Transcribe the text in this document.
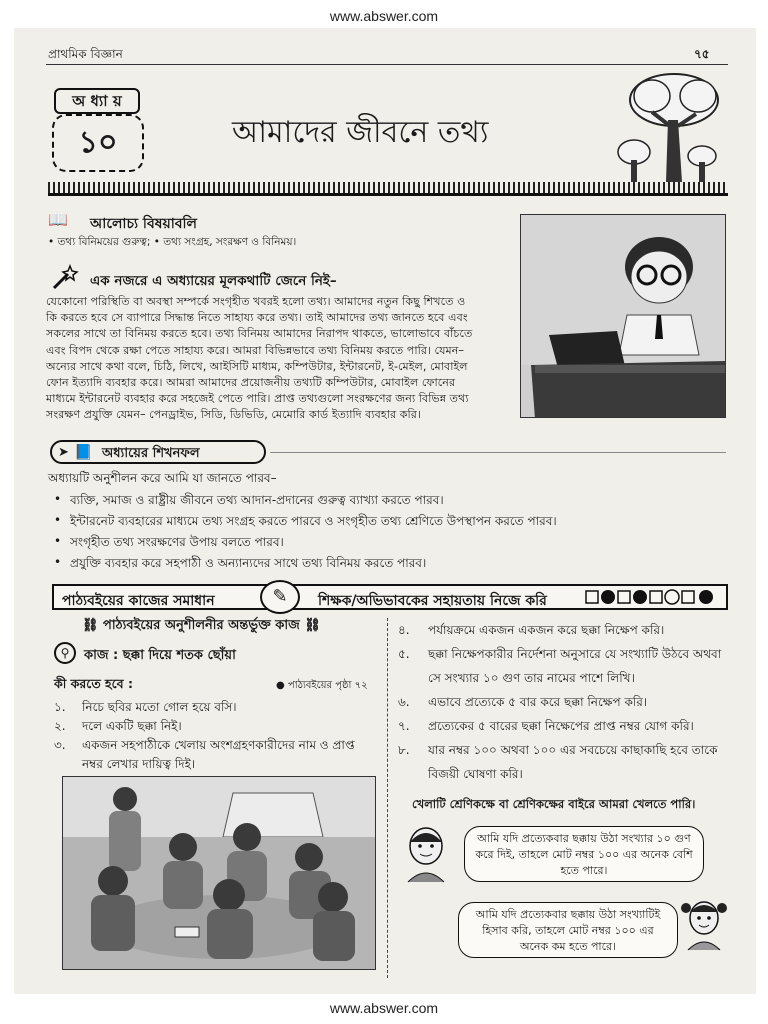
www.abswer.com
প্রাথমিক বিজ্ঞান	৭৫
অ ধ্যা য়
১০	আমাদের জীবনে তথ্য
📖 আলোচ্য বিষয়াবলি
• তথ্য বিনিময়ের গুরুত্ব; • তথ্য সংগ্রহ, সংরক্ষণ ও বিনিময়।
এক নজরে এ অধ্যায়ের মূলকথাটি জেনে নিই–
যেকোনো পরিস্থিতি বা অবস্থা সম্পর্কে সংগৃহীত খবরই হলো তথ্য। আমাদের নতুন কিছু শিখতে ও
কি করতে হবে সে ব্যাপারে সিদ্ধান্ত নিতে সাহায্য করে তথ্য। তাই আমাদের তথ্য জানতে হবে এবং
সকলের সাথে তা বিনিময় করতে হবে। তথ্য বিনিময় আমাদের নিরাপদ থাকতে, ভালোভাবে বাঁচতে
এবং বিপদ থেকে রক্ষা পেতে সাহায্য করে। আমরা বিভিন্নভাবে তথ্য বিনিময় করতে পারি। যেমন–
অন্যের সাথে কথা বলে, চিঠি, লিখে, আইসিটি মাধ্যম, কম্পিউটার, ইন্টারনেট, ই-মেইল, মোবাইল
ফোন ইত্যাদি ব্যবহার করে। আমরা আমাদের প্রয়োজনীয় তথ্যটি কম্পিউটার, মোবাইল ফোনের
মাধ্যমে ইন্টারনেট ব্যবহার করে সহজেই পেতে পারি। প্রাপ্ত তথ্যগুলো সংরক্ষণের জন্য বিভিন্ন তথ্য
সংরক্ষণ প্রযুক্তি যেমন– পেনড্রাইভ, সিডি, ডিভিডি, মেমোরি কার্ড ইত্যাদি ব্যবহার করি।
➤ 📘 অধ্যায়ের শিখনফল
অধ্যায়টি অনুশীলন করে আমি যা জানতে পারব–
• ব্যক্তি, সমাজ ও রাষ্ট্রীয় জীবনে তথ্য আদান-প্রদানের গুরুত্ব ব্যাখ্যা করতে পারব।
• ইন্টারনেট ব্যবহারের মাধ্যমে তথ্য সংগ্রহ করতে পারবে ও সংগৃহীত তথ্য শ্রেণিতে উপস্থাপন করতে পারব।
• সংগৃহীত তথ্য সংরক্ষণের উপায় বলতে পারব।
• প্রযুক্তি ব্যবহার করে সহপাঠী ও অন্যান্যদের সাথে তথ্য বিনিময় করতে পারব।
পাঠ্যবইয়ের কাজের সমাধান	✎	শিক্ষক/অভিভাবকের সহায়তায় নিজে করি
⛓ পাঠ্যবইয়ের অনুশীলনীর অন্তর্ভুক্ত কাজ ⛓
⚲	কাজ : ছক্কা দিয়ে শতক ছোঁয়া
কী করতে হবে :	● পাঠ্যবইয়ের পৃষ্ঠা ৭২
১.	নিচে ছবির মতো গোল হয়ে বসি।
২.	দলে একটি ছক্কা নিই।
৩.	একজন সহপাঠীকে খেলায় অংশগ্রহণকারীদের নাম ও প্রাপ্ত নম্বর লেখার দায়িত্ব দিই।
৪.	পর্যায়ক্রমে একজন একজন করে ছক্কা নিক্ষেপ করি।
৫.	ছক্কা নিক্ষেপকারীর নির্দেশনা অনুসারে যে সংখ্যাটি উঠবে অথবা সে সংখ্যার ১০ গুণ তার নামের পাশে লিখি।
৬.	এভাবে প্রত্যেকে ৫ বার করে ছক্কা নিক্ষেপ করি।
৭.	প্রত্যেকের ৫ বারের ছক্কা নিক্ষেপের প্রাপ্ত নম্বর যোগ করি।
৮.	যার নম্বর ১০০ অথবা ১০০ এর সবচেয়ে কাছাকাছি হবে তাকে বিজয়ী ঘোষণা করি।
খেলাটি শ্রেণিকক্ষে বা শ্রেণিকক্ষের বাইরে আমরা খেলতে পারি।
আমি যদি প্রত্যেকবার ছক্কায় উঠা সংখ্যার ১০ গুণ করে দিই, তাহলে মোট নম্বর ১০০ এর অনেক বেশি হতে পারে।
আমি যদি প্রত্যেকবার ছক্কায় উঠা সংখ্যাটিই হিসাব করি, তাহলে মোট নম্বর ১০০ এর অনেক কম হতে পারে।
www.abswer.com
